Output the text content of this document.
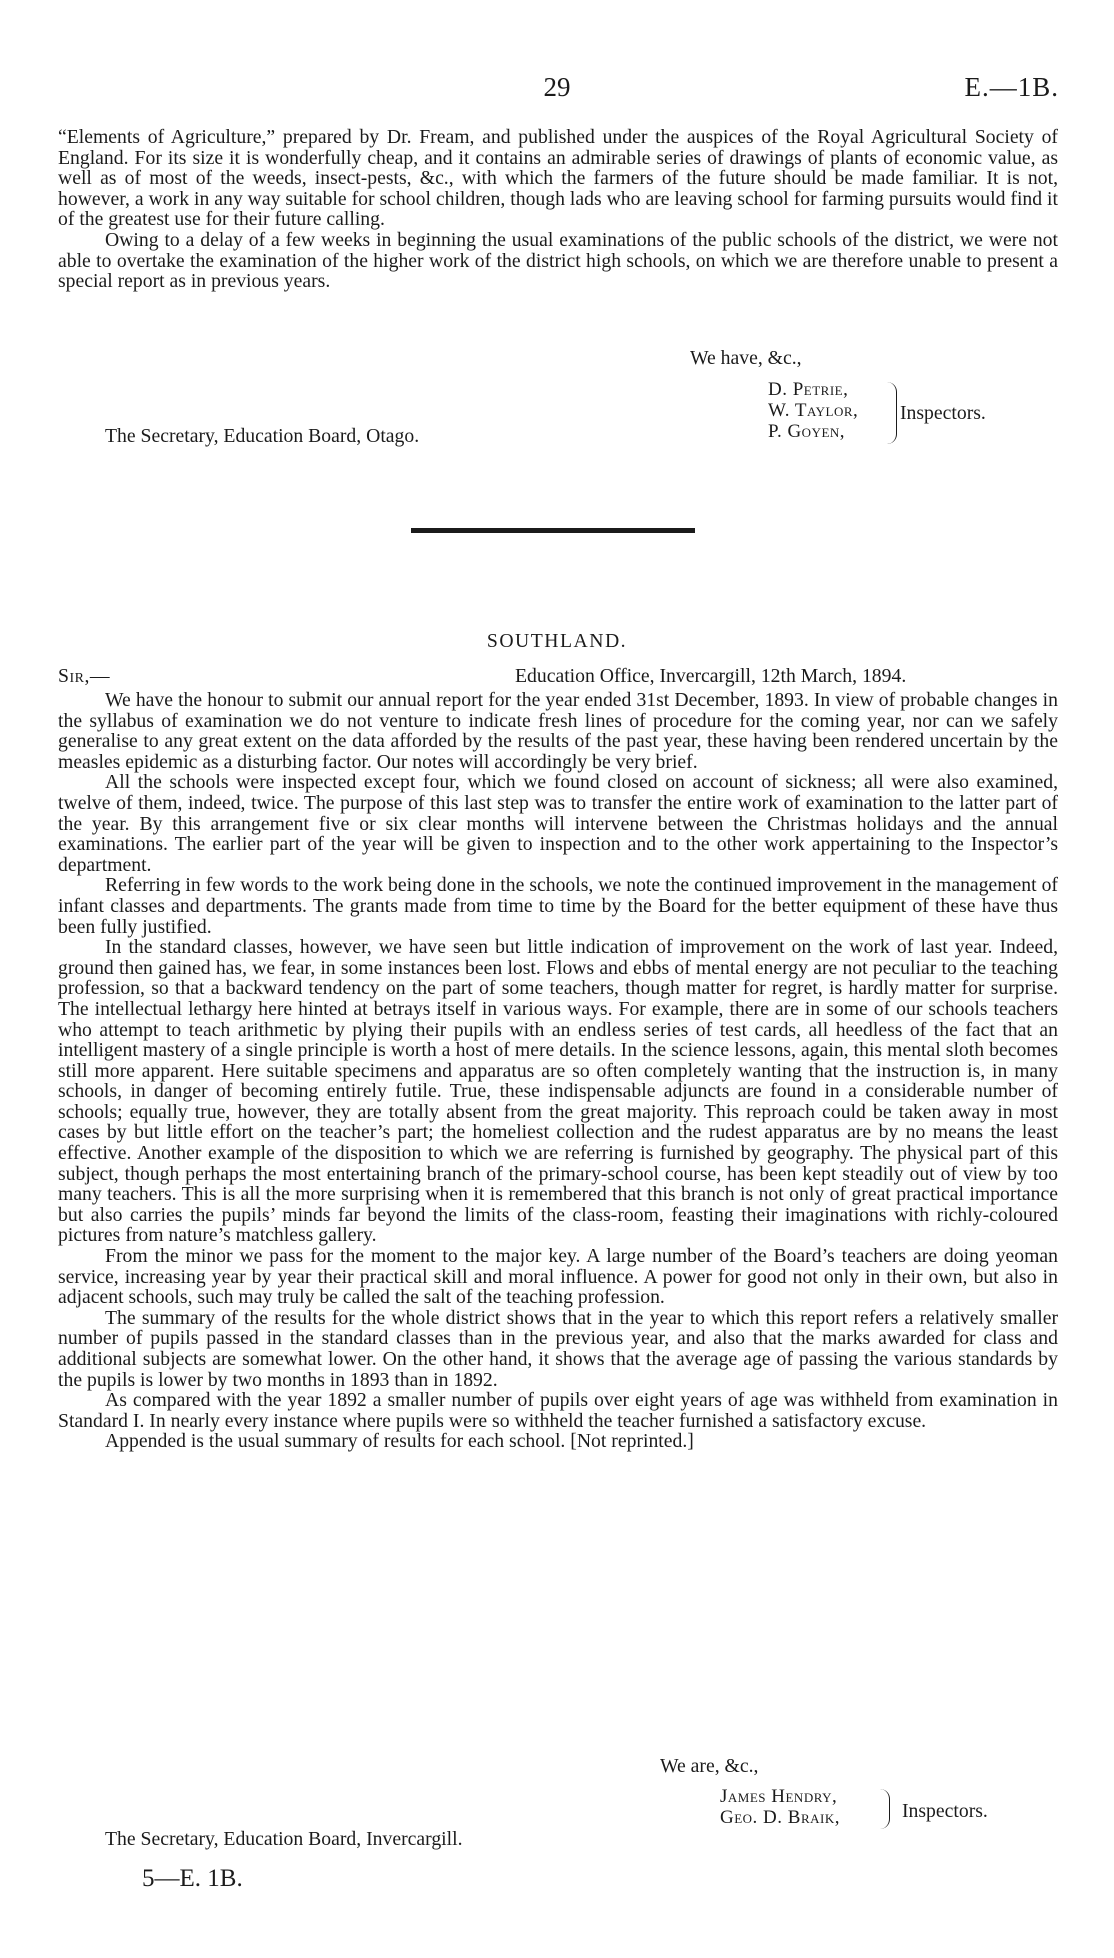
29	E.—1B.

“Elements of Agriculture,” prepared by Dr. Fream, and published under the auspices of the Royal Agricultural Society of England. For its size it is wonderfully cheap, and it contains an admirable series of drawings of plants of economic value, as well as of most of the weeds, insect-pests, &c., with which the farmers of the future should be made familiar. It is not, however, a work in any way suitable for school children, though lads who are leaving school for farming pursuits would find it of the greatest use for their future calling.

Owing to a delay of a few weeks in beginning the usual examinations of the public schools of the district, we were not able to overtake the examination of the higher work of the district high schools, on which we are therefore unable to present a special report as in previous years.

We have, &c.,
D. Petrie,
W. Taylor,
P. Goyen,
Inspectors.
The Secretary, Education Board, Otago.
SOUTHLAND.
Sir,—	Education Office, Invercargill, 12th March, 1894.

We have the honour to submit our annual report for the year ended 31st December, 1893. In view of probable changes in the syllabus of examination we do not venture to indicate fresh lines of procedure for the coming year, nor can we safely generalise to any great extent on the data afforded by the results of the past year, these having been rendered uncertain by the measles epidemic as a disturbing factor. Our notes will accordingly be very brief.

All the schools were inspected except four, which we found closed on account of sickness; all were also examined, twelve of them, indeed, twice. The purpose of this last step was to transfer the entire work of examination to the latter part of the year. By this arrangement five or six clear months will intervene between the Christmas holidays and the annual examinations. The earlier part of the year will be given to inspection and to the other work appertaining to the Inspector’s department.

Referring in few words to the work being done in the schools, we note the continued improvement in the management of infant classes and departments. The grants made from time to time by the Board for the better equipment of these have thus been fully justified.

In the standard classes, however, we have seen but little indication of improvement on the work of last year. Indeed, ground then gained has, we fear, in some instances been lost. Flows and ebbs of mental energy are not peculiar to the teaching profession, so that a backward tendency on the part of some teachers, though matter for regret, is hardly matter for surprise. The intellectual lethargy here hinted at betrays itself in various ways. For example, there are in some of our schools teachers who attempt to teach arithmetic by plying their pupils with an endless series of test cards, all heedless of the fact that an intelligent mastery of a single principle is worth a host of mere details. In the science lessons, again, this mental sloth becomes still more apparent. Here suitable specimens and apparatus are so often completely wanting that the instruction is, in many schools, in danger of becoming entirely futile. True, these indispensable adjuncts are found in a considerable number of schools; equally true, however, they are totally absent from the great majority. This reproach could be taken away in most cases by but little effort on the teacher’s part; the homeliest collection and the rudest apparatus are by no means the least effective. Another example of the disposition to which we are referring is furnished by geography. The physical part of this subject, though perhaps the most entertaining branch of the primary-school course, has been kept steadily out of view by too many teachers. This is all the more surprising when it is remembered that this branch is not only of great practical importance but also carries the pupils’ minds far beyond the limits of the class-room, feasting their imaginations with richly-coloured pictures from nature’s matchless gallery.

From the minor we pass for the moment to the major key. A large number of the Board’s teachers are doing yeoman service, increasing year by year their practical skill and moral influence. A power for good not only in their own, but also in adjacent schools, such may truly be called the salt of the teaching profession.

The summary of the results for the whole district shows that in the year to which this report refers a relatively smaller number of pupils passed in the standard classes than in the previous year, and also that the marks awarded for class and additional subjects are somewhat lower. On the other hand, it shows that the average age of passing the various standards by the pupils is lower by two months in 1893 than in 1892.

As compared with the year 1892 a smaller number of pupils over eight years of age was withheld from examination in Standard I. In nearly every instance where pupils were so withheld the teacher furnished a satisfactory excuse.

Appended is the usual summary of results for each school. [Not reprinted.]

We are, &c.,
James Hendry,
Geo. D. Braik,	Inspectors.
The Secretary, Education Board, Invercargill.
5—E. 1B.
